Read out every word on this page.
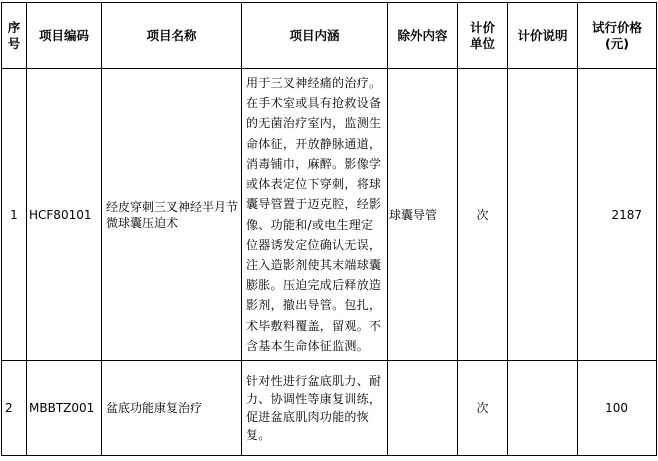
序号	项目编码	项目名称	项目内涵	除外内容	计价单位	计价说明	试行价格(元)
1	HCF80101	经皮穿刺三叉神经半月节微球囊压迫术	用于三叉神经痛的治疗。在手术室或具有抢救设备的无菌治疗室内，监测生命体征，开放静脉通道，消毒铺巾，麻醉。影像学或体表定位下穿刺，将球囊导管置于迈克腔，经影像、功能和/或电生理定位器诱发定位确认无误，注入造影剂使其末端球囊膨胀。压迫完成后释放造影剂，撤出导管。包扎，术毕敷料覆盖，留观。不含基本生命体征监测。	球囊导管	次		2187
2	MBBTZ001	盆底功能康复治疗	针对性进行盆底肌力、耐力、协调性等康复训练，促进盆底肌肉功能的恢复。		次		100
